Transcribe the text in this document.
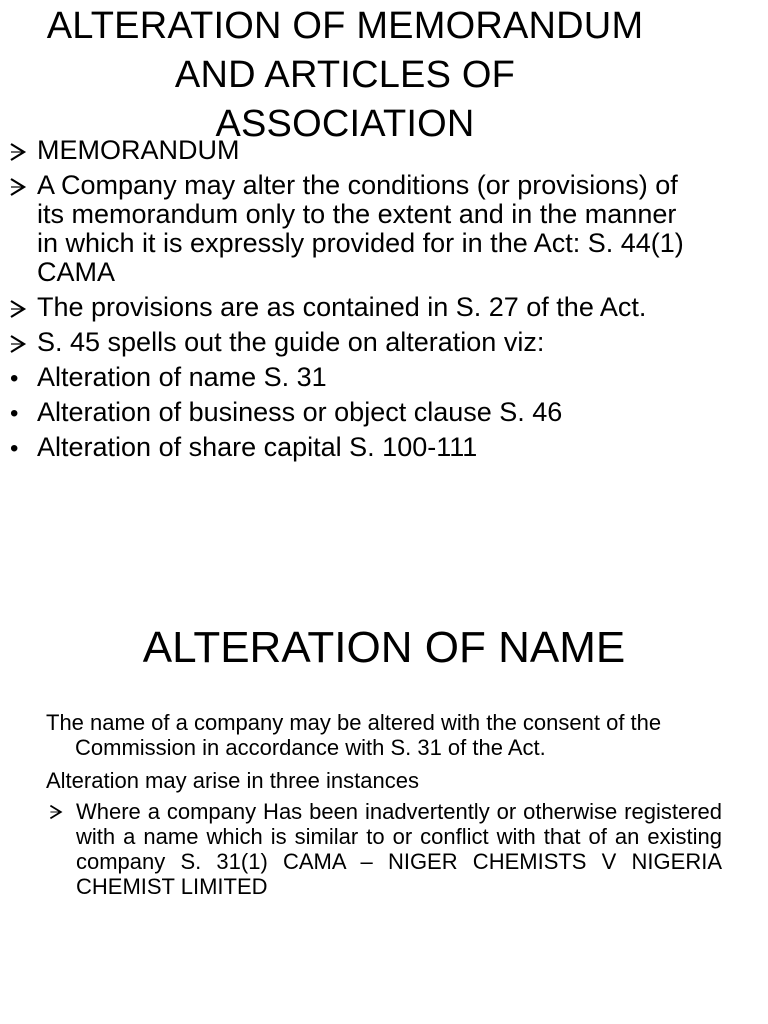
ALTERATION OF MEMORANDUM
AND ARTICLES OF
ASSOCIATION
MEMORANDUM
A Company may alter the conditions (or provisions) of its memorandum only to the extent and in the manner in which it is expressly provided for in the Act: S. 44(1) CAMA
The provisions are as contained in S. 27 of the Act.
S. 45 spells out the guide on alteration viz:
• Alteration of name S. 31
• Alteration of business or object clause S. 46
• Alteration of share capital S. 100-111
ALTERATION OF NAME

The name of a company may be altered with the consent of the Commission in accordance with S. 31 of the Act.

Alteration may arise in three instances

Where a company Has been inadvertently or otherwise registered with a name which is similar to or conflict with that of an existing company S. 31(1) CAMA – NIGER CHEMISTS V NIGERIA CHEMIST LIMITED
